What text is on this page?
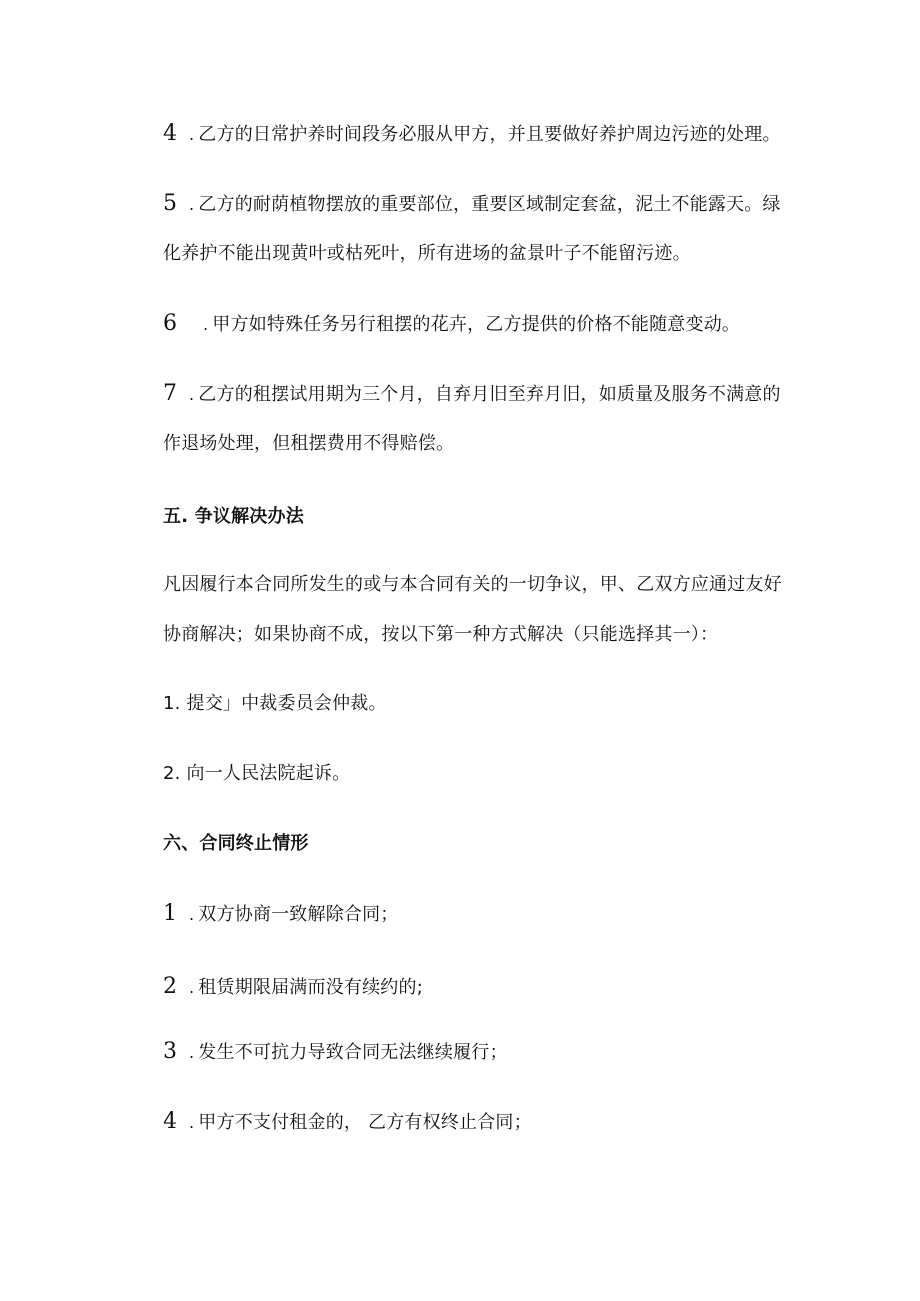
4 . 乙方的日常护养时间段务必服从甲方，并且要做好养护周边污迹的处理。
5 . 乙方的耐荫植物摆放的重要部位，重要区域制定套盆，泥土不能露天。绿
化养护不能出现黄叶或枯死叶，所有进场的盆景叶子不能留污迹。
6 . 甲方如特殊任务另行租摆的花卉，乙方提供的价格不能随意变动。
7 . 乙方的租摆试用期为三个月，自弃月旧至弃月旧，如质量及服务不满意的
作退场处理，但租摆费用不得赔偿。
五. 争议解决办法
凡因履行本合同所发生的或与本合同有关的一切争议，甲、乙双方应通过友好
协商解决；如果协商不成，按以下第一种方式解决（只能选择其一）：
1. 提交」中裁委员会仲裁。
2. 向一人民法院起诉。
六、合同终止情形
1 . 双方协商一致解除合同；
2 . 租赁期限届满而没有续约的;
3 . 发生不可抗力导致合同无法继续履行；
4 . 甲方不支付租金的， 乙方有权终止合同；
